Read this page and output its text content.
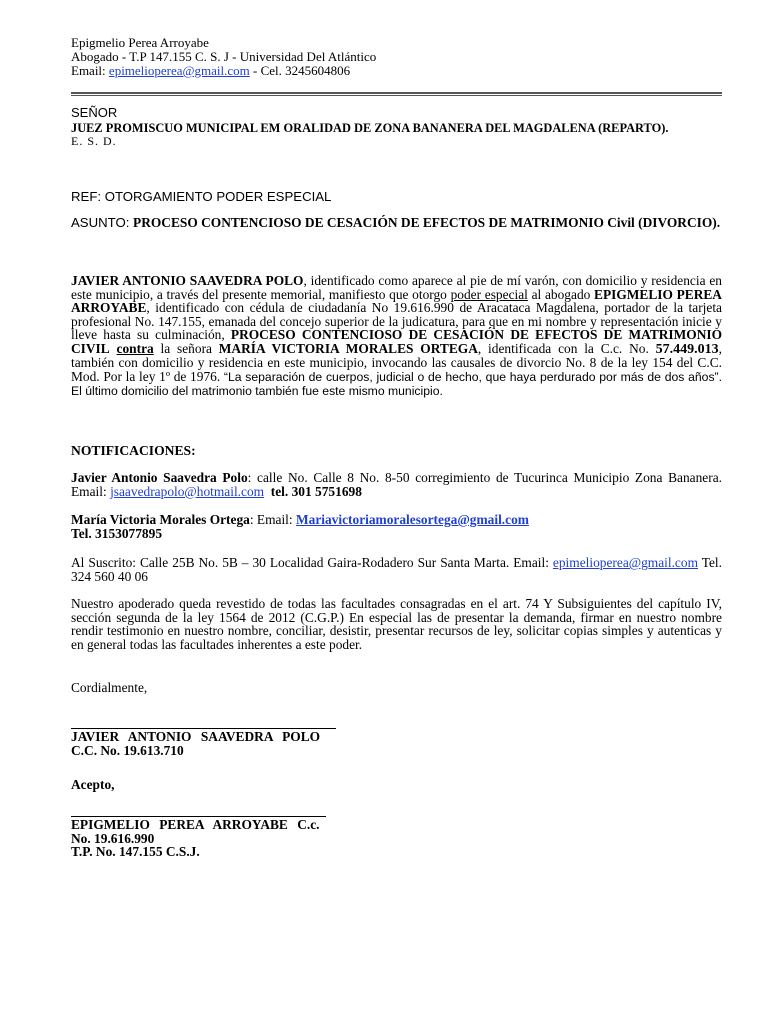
Epigmelio Perea Arroyabe
Abogado - T.P 147.155 C. S. J - Universidad Del Atlántico
Email: epimelioperea@gmail.com - Cel. 3245604806
SEÑOR
JUEZ PROMISCUO MUNICIPAL EM ORALIDAD DE ZONA BANANERA DEL MAGDALENA (REPARTO).
E. S. D.
REF: OTORGAMIENTO PODER ESPECIAL
ASUNTO: PROCESO CONTENCIOSO DE CESACIÓN DE EFECTOS DE MATRIMONIO Civil (DIVORCIO).
JAVIER ANTONIO SAAVEDRA POLO, identificado como aparece al pie de mí varón, con domicilio y residencia en este municipio, a través del presente memorial, manifiesto que otorgo poder especial al abogado EPIGMELIO PEREA ARROYABE, identificado con cédula de ciudadanía No 19.616.990 de Aracataca Magdalena, portador de la tarjeta profesional No. 147.155, emanada del concejo superior de la judicatura, para que en mi nombre y representación inicie y lleve hasta su culminación, PROCESO CONTENCIOSO DE CESACIÓN DE EFECTOS DE MATRIMONIO CIVIL contra la señora MARÍA VICTORIA MORALES ORTEGA, identificada con la C.c. No. 57.449.013, también con domicilio y residencia en este municipio, invocando las causales de divorcio No. 8 de la ley 154 del C.C. Mod. Por la ley 1º de 1976. “La separación de cuerpos, judicial o de hecho, que haya perdurado por más de dos años”. El último domicilio del matrimonio también fue este mismo municipio.
NOTIFICACIONES:
Javier Antonio Saavedra Polo: calle No. Calle 8 No. 8-50 corregimiento de Tucurinca Municipio Zona Bananera. Email: jsaavedrapolo@hotmail.com tel. 301 5751698
María Victoria Morales Ortega: Email: Mariavictoriamoralesortega@gmail.com
Tel. 3153077895
Al Suscrito: Calle 25B No. 5B – 30 Localidad Gaira-Rodadero Sur Santa Marta. Email: epimelioperea@gmail.com Tel. 324 560 40 06
Nuestro apoderado queda revestido de todas las facultades consagradas en el art. 74 Y Subsiguientes del capítulo IV, sección segunda de la ley 1564 de 2012 (C.G.P.) En especial las de presentar la demanda, firmar en nuestro nombre rendir testimonio en nuestro nombre, conciliar, desistir, presentar recursos de ley, solicitar copias simples y autenticas y en general todas las facultades inherentes a este poder.
Cordialmente,
JAVIER ANTONIO SAAVEDRA POLO
C.C. No. 19.613.710
Acepto,
EPIGMELIO PEREA ARROYABE C.c.
No. 19.616.990
T.P. No. 147.155 C.S.J.
